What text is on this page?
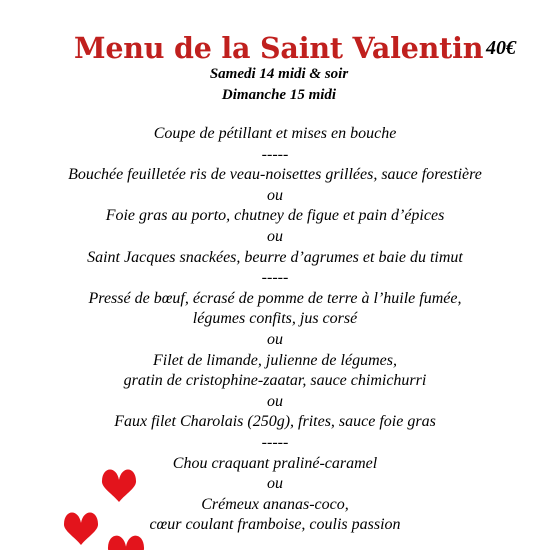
Menu de la Saint Valentin 40€
Samedi 14 midi & soir
Dimanche 15 midi
Coupe de pétillant et mises en bouche
-----
Bouchée feuilletée ris de veau-noisettes grillées, sauce forestière
ou
Foie gras au porto, chutney de figue et pain d’épices
ou
Saint Jacques snackées, beurre d’agrumes et baie du timut
-----
Pressé de bœuf, écrasé de pomme de terre à l’huile fumée,
légumes confits, jus corsé
ou
Filet de limande, julienne de légumes,
gratin de cristophine-zaatar, sauce chimichurri
ou
Faux filet Charolais (250g), frites, sauce foie gras
-----
Chou craquant praliné-caramel
ou
Crémeux ananas-coco,
cœur coulant framboise, coulis passion
